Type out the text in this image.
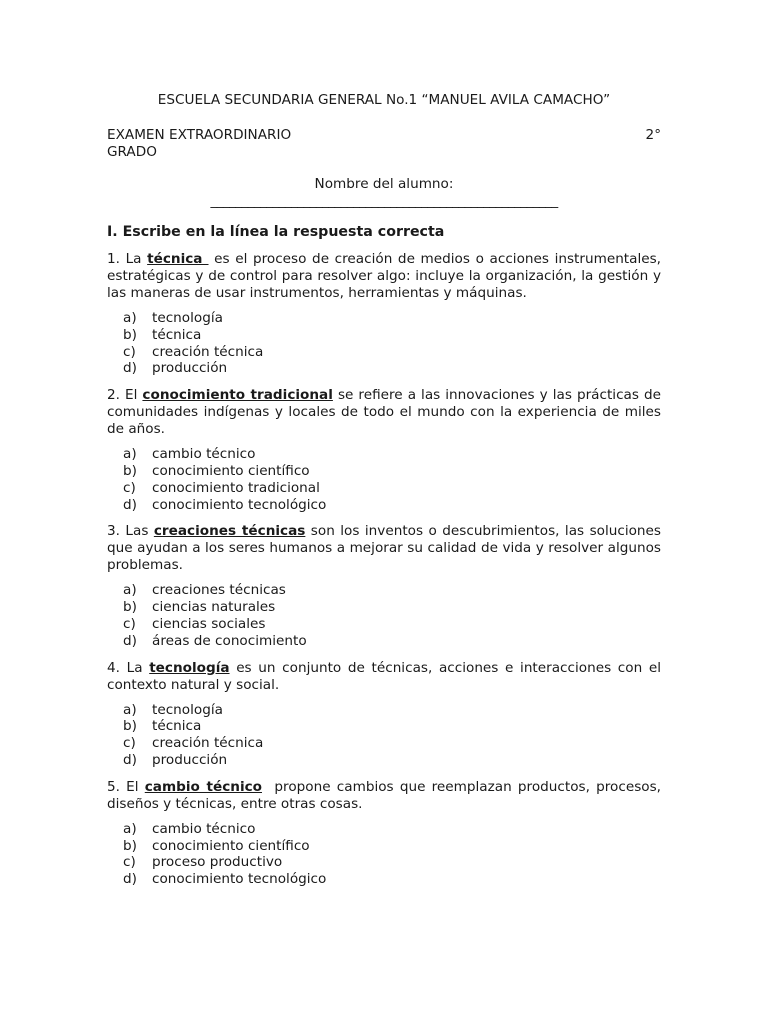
ESCUELA SECUNDARIA GENERAL No.1 “MANUEL AVILA CAMACHO”
EXAMEN EXTRAORDINARIO	2°
GRADO
Nombre del alumno:
________________________________________________________
I. Escribe en la línea la respuesta correcta
1. La técnica  es el proceso de creación de medios o acciones instrumentales, estratégicas y de control para resolver algo: incluye la organización, la gestión y las maneras de usar instrumentos, herramientas y máquinas.
a)	tecnología
b)	técnica
c)	creación técnica
d)	producción
2. El conocimiento tradicional se refiere a las innovaciones y las prácticas de comunidades indígenas y locales de todo el mundo con la experiencia de miles de años.
a)	cambio técnico
b)	conocimiento científico
c)	conocimiento tradicional
d)	conocimiento tecnológico
3. Las creaciones técnicas son los inventos o descubrimientos, las soluciones que ayudan a los seres humanos a mejorar su calidad de vida y resolver algunos problemas.
a)	creaciones técnicas
b)	ciencias naturales
c)	ciencias sociales
d)	áreas de conocimiento
4. La tecnología es un conjunto de técnicas, acciones e interacciones con el contexto natural y social.
a)	tecnología
b)	técnica
c)	creación técnica
d)	producción
5. El cambio técnico  propone cambios que reemplazan productos, procesos, diseños y técnicas, entre otras cosas.
a)	cambio técnico
b)	conocimiento científico
c)	proceso productivo
d)	conocimiento tecnológico
